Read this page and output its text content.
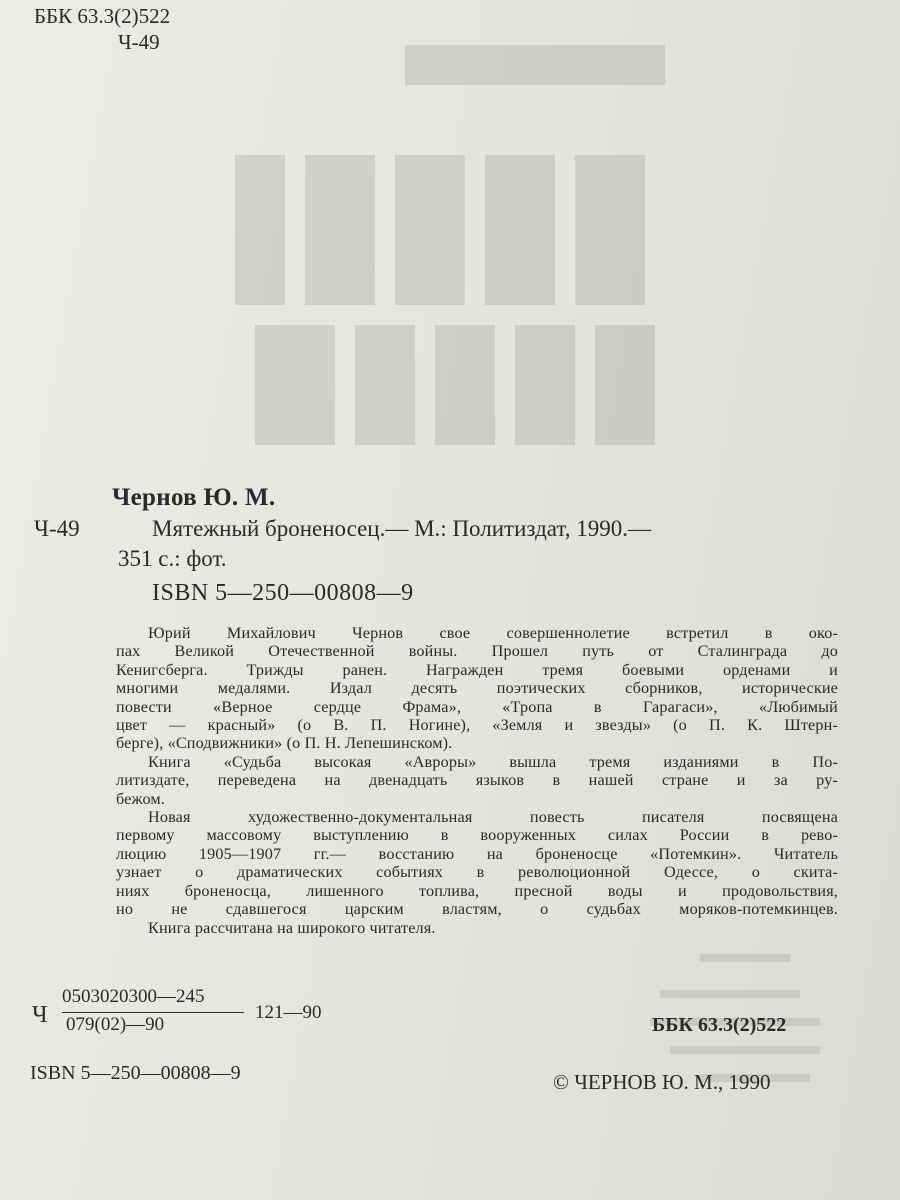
ББК 63.3(2)522
Ч-49
Чернов Ю. М.
Ч-49	Мятежный броненосец.— М.: Политиздат, 1990.—
351 с.: фот.
ISBN 5—250—00808—9
Юрий Михайлович Чернов свое совершеннолетие встретил в око-
пах Великой Отечественной войны. Прошел путь от Сталинграда до
Кенигсберга. Трижды ранен. Награжден тремя боевыми орденами и
многими медалями. Издал десять поэтических сборников, исторические
повести «Верное сердце Фрама», «Тропа в Гарагаси», «Любимый
цвет — красный» (о В. П. Ногине), «Земля и звезды» (о П. К. Штерн-
берге), «Сподвижники» (о П. Н. Лепешинском).
Книга «Судьба высокая «Авроры» вышла тремя изданиями в По-
литиздате, переведена на двенадцать языков в нашей стране и за ру-
бежом.
Новая художественно-документальная повесть писателя посвящена
первому массовому выступлению в вооруженных силах России в рево-
люцию 1905—1907 гг.— восстанию на броненосце «Потемкин». Читатель
узнает о драматических событиях в революционной Одессе, о скита-
ниях броненосца, лишенного топлива, пресной воды и продовольствия,
но не сдавшегося царским властям, о судьбах моряков-потемкинцев.
Книга рассчитана на широкого читателя.
Ч
0503020300—245
079(02)—90
121—90
ББК 63.3(2)522
ISBN 5—250—00808—9	© ЧЕРНОВ Ю. М., 1990
